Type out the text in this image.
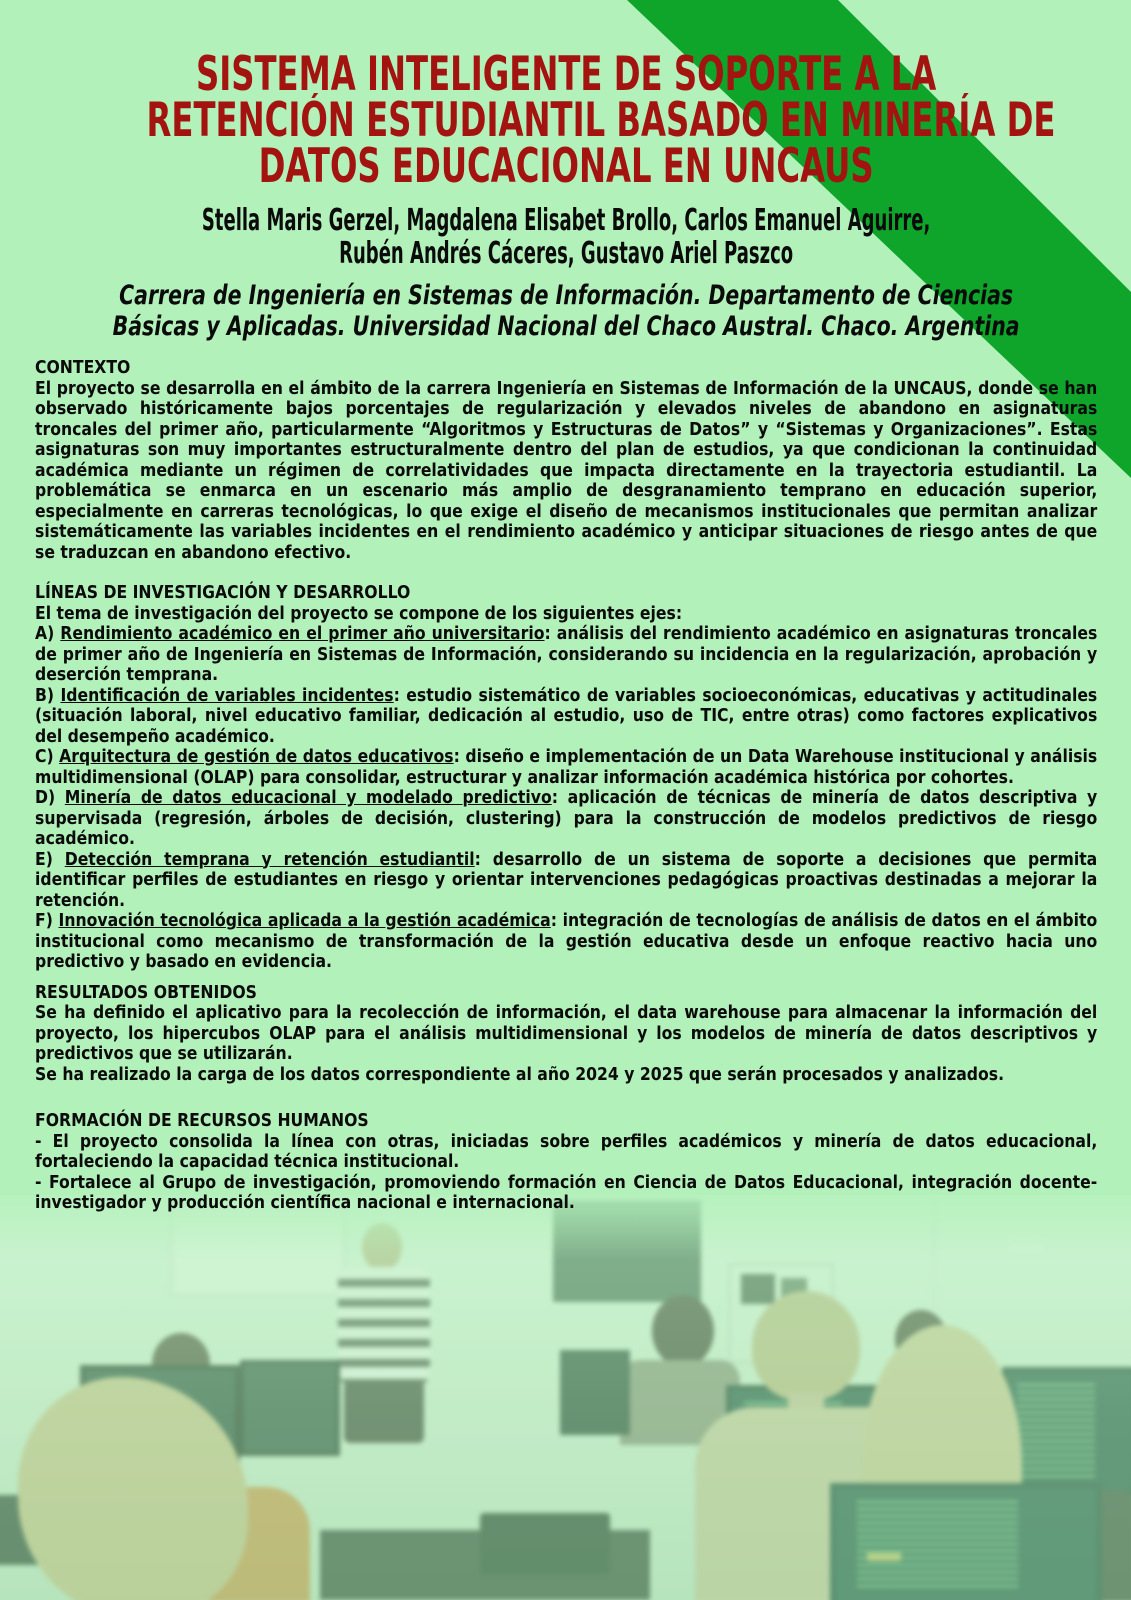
SISTEMA INTELIGENTE DE SOPORTE A LA
RETENCIÓN ESTUDIANTIL BASADO EN MINERÍA DE
DATOS EDUCACIONAL EN UNCAUS
Stella Maris Gerzel, Magdalena Elisabet Brollo, Carlos Emanuel Aguirre,
Rubén Andrés Cáceres, Gustavo Ariel Paszco
Carrera de Ingeniería en Sistemas de Información. Departamento de Ciencias
Básicas y Aplicadas. Universidad Nacional del Chaco Austral. Chaco. Argentina
CONTEXTO

El proyecto se desarrolla en el ámbito de la carrera Ingeniería en Sistemas de Información de la UNCAUS, donde se han observado históricamente bajos porcentajes de regularización y elevados niveles de abandono en asignaturas troncales del primer año, particularmente “Algoritmos y Estructuras de Datos” y “Sistemas y Organizaciones”. Estas asignaturas son muy importantes estructuralmente dentro del plan de estudios, ya que condicionan la continuidad académica mediante un régimen de correlatividades que impacta directamente en la trayectoria estudiantil. La problemática se enmarca en un escenario más amplio de desgranamiento temprano en educación superior, especialmente en carreras tecnológicas, lo que exige el diseño de mecanismos institucionales que permitan analizar sistemáticamente las variables incidentes en el rendimiento académico y anticipar situaciones de riesgo antes de que se traduzcan en abandono efectivo.

LÍNEAS DE INVESTIGACIÓN Y DESARROLLO

El tema de investigación del proyecto se compone de los siguientes ejes:

A) Rendimiento académico en el primer año universitario: análisis del rendimiento académico en asignaturas troncales de primer año de Ingeniería en Sistemas de Información, considerando su incidencia en la regularización, aprobación y deserción temprana.

B) Identificación de variables incidentes: estudio sistemático de variables socioeconómicas, educativas y actitudinales (situación laboral, nivel educativo familiar, dedicación al estudio, uso de TIC, entre otras) como factores explicativos del desempeño académico.

C) Arquitectura de gestión de datos educativos: diseño e implementación de un Data Warehouse institucional y análisis multidimensional (OLAP) para consolidar, estructurar y analizar información académica histórica por cohortes.

D) Minería de datos educacional y modelado predictivo: aplicación de técnicas de minería de datos descriptiva y supervisada (regresión, árboles de decisión, clustering) para la construcción de modelos predictivos de riesgo académico.

E) Detección temprana y retención estudiantil: desarrollo de un sistema de soporte a decisiones que permita identificar perfiles de estudiantes en riesgo y orientar intervenciones pedagógicas proactivas destinadas a mejorar la retención.

F) Innovación tecnológica aplicada a la gestión académica: integración de tecnologías de análisis de datos en el ámbito institucional como mecanismo de transformación de la gestión educativa desde un enfoque reactivo hacia uno predictivo y basado en evidencia.

RESULTADOS OBTENIDOS

Se ha definido el aplicativo para la recolección de información, el data warehouse para almacenar la información del proyecto, los hipercubos OLAP para el análisis multidimensional y los modelos de minería de datos descriptivos y predictivos que se utilizarán.

Se ha realizado la carga de los datos correspondiente al año 2024 y 2025 que serán procesados y analizados.

FORMACIÓN DE RECURSOS HUMANOS

- El proyecto consolida la línea con otras, iniciadas sobre perfiles académicos y minería de datos educacional, fortaleciendo la capacidad técnica institucional.

- Fortalece al Grupo de investigación, promoviendo formación en Ciencia de Datos Educacional, integración docente-investigador y producción científica nacional e internacional.
